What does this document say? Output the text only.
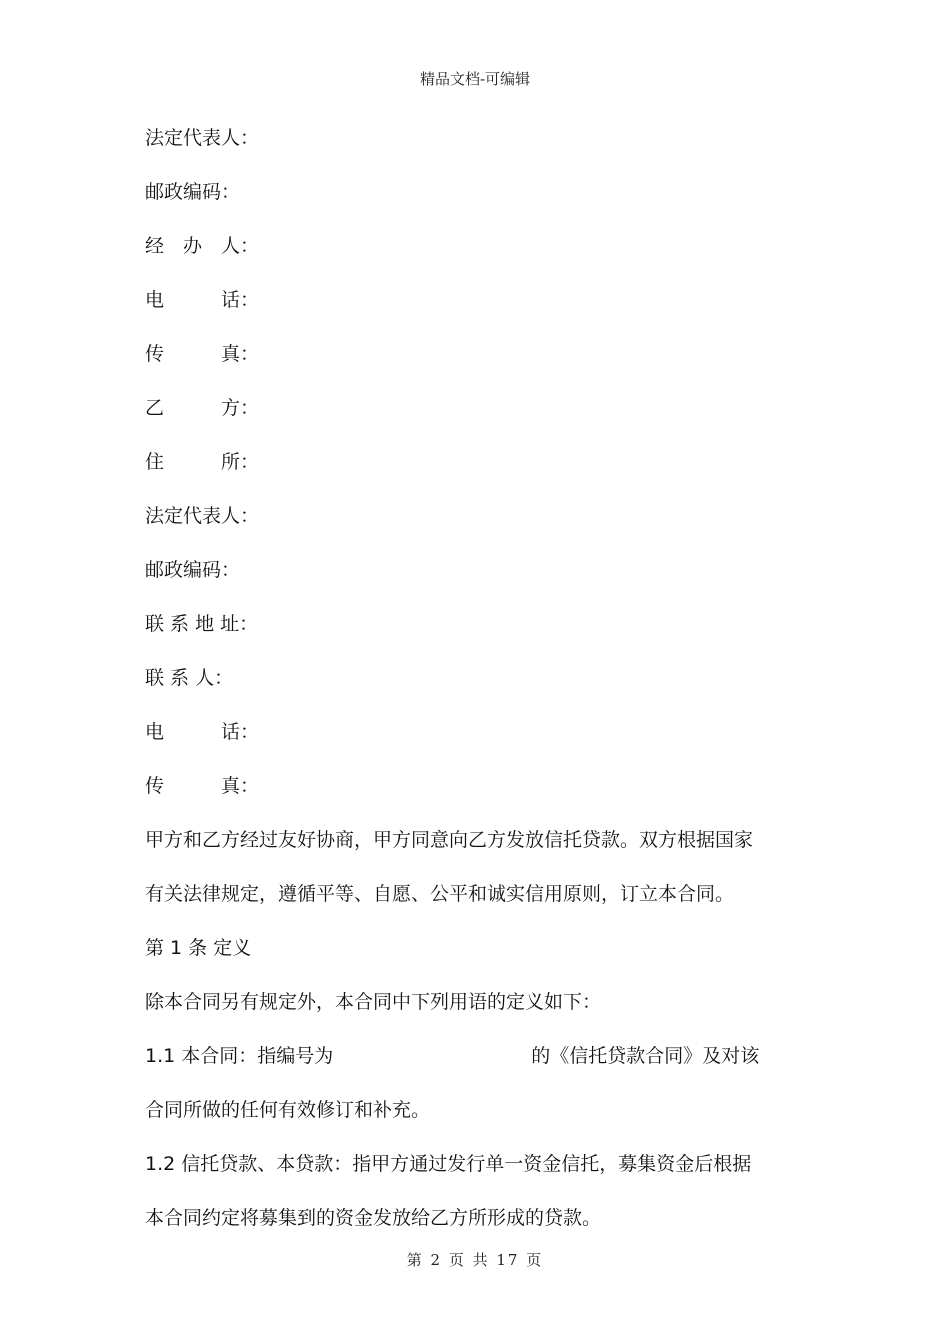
精品文档-可编辑

法定代表人：

邮政编码：

经　办　人：

电　　　话：

传　　　真：

乙　　　方：

住　　　所：

法定代表人：

邮政编码：

联 系 地 址：

联 系 人：

电　　　话：

传　　　真：

甲方和乙方经过友好协商，甲方同意向乙方发放信托贷款。双方根据国家

有关法律规定，遵循平等、自愿、公平和诚实信用原则，订立本合同。

第 1 条 定义

除本合同另有规定外，本合同中下列用语的定义如下：

1.1 本合同：指编号为	的《信托贷款合同》及对该

合同所做的任何有效修订和补充。

1.2 信托贷款、本贷款：指甲方通过发行单一资金信托，募集资金后根据

本合同约定将募集到的资金发放给乙方所形成的贷款。

第 2 页 共 17 页
